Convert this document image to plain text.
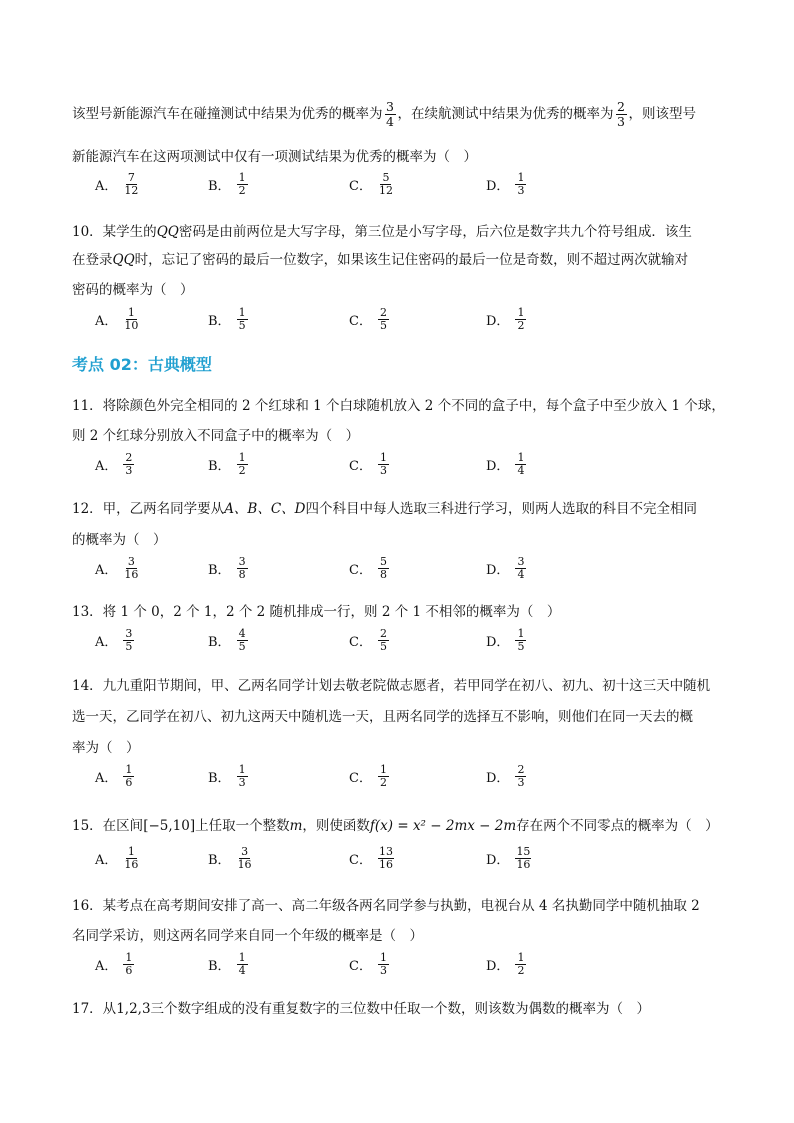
该型号新能源汽车在碰撞测试中结果为优秀的概率为 $\frac{3}{4}$ ，在续航测试中结果为优秀的概率为 $\frac{2}{3}$ ，则该型号
新能源汽车在这两项测试中仅有一项测试结果为优秀的概率为（　）
A． $\frac{7}{12}$	B． $\frac{1}{2}$	C． $\frac{5}{12}$	D． $\frac{1}{3}$
10．某学生的QQ密码是由前两位是大写字母，第三位是小写字母，后六位是数字共九个符号组成．该生
在登录QQ时，忘记了密码的最后一位数字，如果该生记住密码的最后一位是奇数，则不超过两次就输对
密码的概率为（　）
A． $\frac{1}{10}$	B． $\frac{1}{5}$	C． $\frac{2}{5}$	D． $\frac{1}{2}$
考点 02：古典概型
11．将除颜色外完全相同的 2 个红球和 1 个白球随机放入 2 个不同的盒子中，每个盒子中至少放入 1 个球，
则 2 个红球分别放入不同盒子中的概率为（　）
A． $\frac{2}{3}$	B． $\frac{1}{2}$	C． $\frac{1}{3}$	D． $\frac{1}{4}$
12．甲，乙两名同学要从A、B、C、D四个科目中每人选取三科进行学习，则两人选取的科目不完全相同
的概率为（　）
A． $\frac{3}{16}$	B． $\frac{3}{8}$	C． $\frac{5}{8}$	D． $\frac{3}{4}$
13．将 1 个 0，2 个 1，2 个 2 随机排成一行，则 2 个 1 不相邻的概率为（　）
A． $\frac{3}{5}$	B． $\frac{4}{5}$	C． $\frac{2}{5}$	D． $\frac{1}{5}$
14．九九重阳节期间，甲、乙两名同学计划去敬老院做志愿者，若甲同学在初八、初九、初十这三天中随机
选一天，乙同学在初八、初九这两天中随机选一天，且两名同学的选择互不影响，则他们在同一天去的概
率为（　）
A． $\frac{1}{6}$	B． $\frac{1}{3}$	C． $\frac{1}{2}$	D． $\frac{2}{3}$
15．在区间[−5,10]上任取一个整数m，则使函数f(x) = x² − 2mx − 2m存在两个不同零点的概率为（　）
A． $\frac{1}{16}$	B． $\frac{3}{16}$	C． $\frac{13}{16}$	D． $\frac{15}{16}$
16．某考点在高考期间安排了高一、高二年级各两名同学参与执勤，电视台从 4 名执勤同学中随机抽取 2
名同学采访，则这两名同学来自同一个年级的概率是（　）
A． $\frac{1}{6}$	B． $\frac{1}{4}$	C． $\frac{1}{3}$	D． $\frac{1}{2}$
17．从1,2,3三个数字组成的没有重复数字的三位数中任取一个数，则该数为偶数的概率为（　）
